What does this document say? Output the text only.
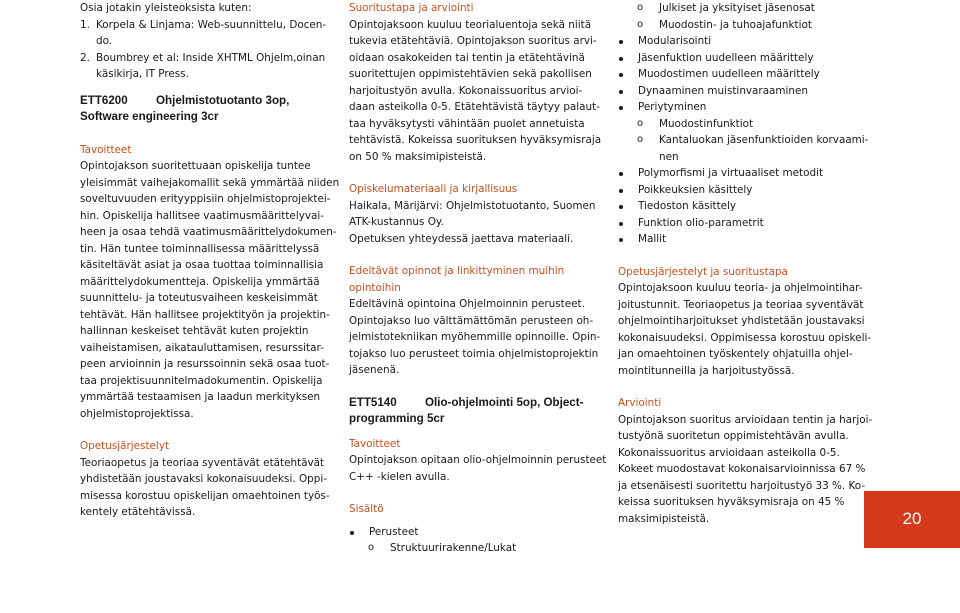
Osia jotakin yleisteoksista kuten:
1. Korpela & Linjama: Web-suunnittelu, Docen-
do.
2. Boumbrey et al: Inside XHTML Ohjelm,oinan
käsikirja, IT Press.
ETT6200 Ohjelmistotuotanto 3op,
Software engineering 3cr
Tavoitteet
Opintojakson suoritettuaan opiskelija tuntee
yleisimmät vaihejakomallit sekä ymmärtää niiden
soveltuvuuden erityyppisiin ohjelmistoprojektei-
hin. Opiskelija hallitsee vaatimusmäärittelyvai-
heen ja osaa tehdä vaatimusmäärittelydokumen-
tin. Hän tuntee toiminnallisessa määrittelyssä
käsiteltävät asiat ja osaa tuottaa toiminnallisia
määrittelydokumentteja. Opiskelija ymmärtää
suunnittelu- ja toteutusvaiheen keskeisimmät
tehtävät. Hän hallitsee projektityön ja projektin-
hallinnan keskeiset tehtävät kuten projektin
vaiheistamisen, aikatauluttamisen, resurssitar-
peen arvioinnin ja resurssoinnin sekä osaa tuot-
taa projektisuunnitelmadokumentin. Opiskelija
ymmärtää testaamisen ja laadun merkityksen
ohjelmistoprojektissa.
Opetusjärjestelyt
Teoriaopetus ja teoriaa syventävät etätehtävät
yhdistetään joustavaksi kokonaisuudeksi. Oppi-
misessa korostuu opiskelijan omaehtoinen työs-
kentely etätehtävissä.
Suoritustapa ja arviointi
Opintojaksoon kuuluu teorialuentoja sekä niitä
tukevia etätehtäviä. Opintojakson suoritus arvi-
oidaan osakokeiden tai tentin ja etätehtävinä
suoritettujen oppimistehtävien sekä pakollisen
harjoitustyön avulla. Kokonaissuoritus arvioi-
daan asteikolla 0-5. Etätehtävistä täytyy palaut-
taa hyväksytysti vähintään puolet annetuista
tehtävistä. Kokeissa suorituksen hyväksymisraja
on 50 % maksimipisteistä.
Opiskelumateriaali ja kirjallisuus
Haikala, Märijärvi: Ohjelmistotuotanto, Suomen
ATK-kustannus Oy.
Opetuksen yhteydessä jaettava materiaali.
Edeltävät opinnot ja linkittyminen muihin
opintoihin
Edeltävinä opintoina Ohjelmoinnin perusteet.
Opintojakso luo välttämättömän perusteen oh-
jelmistotekniikan myöhemmille opinnoille. Opin-
tojakso luo perusteet toimia ohjelmistoprojektin
jäsenenä.
ETT5140 Olio-ohjelmointi 5op, Object-
programming 5cr
Tavoitteet
Opintojakson opitaan olio-ohjelmoinnin perusteet
C++ -kielen avulla.
Sisältö
Perusteet
o	Struktuurirakenne/Lukat
o	Julkiset ja yksityiset jäsenosat
o	Muodostin- ja tuhoajafunktiot
Modularisointi
Jäsenfuktion uudelleen määrittely
Muodostimen uudelleen määrittely
Dynaaminen muistinvaraaminen
Periytyminen
o	Muodostinfunktiot
o	Kantaluokan jäsenfunktioiden korvaami-
nen
Polymorfismi ja virtuaaliset metodit
Poikkeuksien käsittely
Tiedoston käsittely
Funktion olio-parametrit
Mallit
Opetusjärjestelyt ja suoritustapa
Opintojaksoon kuuluu teoria- ja ohjelmointihar-
joitustunnit. Teoriaopetus ja teoriaa syventävät
ohjelmointiharjoitukset yhdistetään joustavaksi
kokonaisuudeksi. Oppimisessa korostuu opiskeli-
jan omaehtoinen työskentely ohjatuilla ohjel-
mointitunneilla ja harjoitustyössä.
Arviointi
Opintojakson suoritus arvioidaan tentin ja harjoi-
tustyönä suoritetun oppimistehtävän avulla.
Kokonaissuoritus arvioidaan asteikolla 0-5.
Kokeet muodostavat kokonaisarvioinnissa 67 %
ja etsenäisesti suoritettu harjoitustyö 33 %. Ko-
keissa suorituksen hyväksymisraja on 45 %
maksimipisteistä.	20
